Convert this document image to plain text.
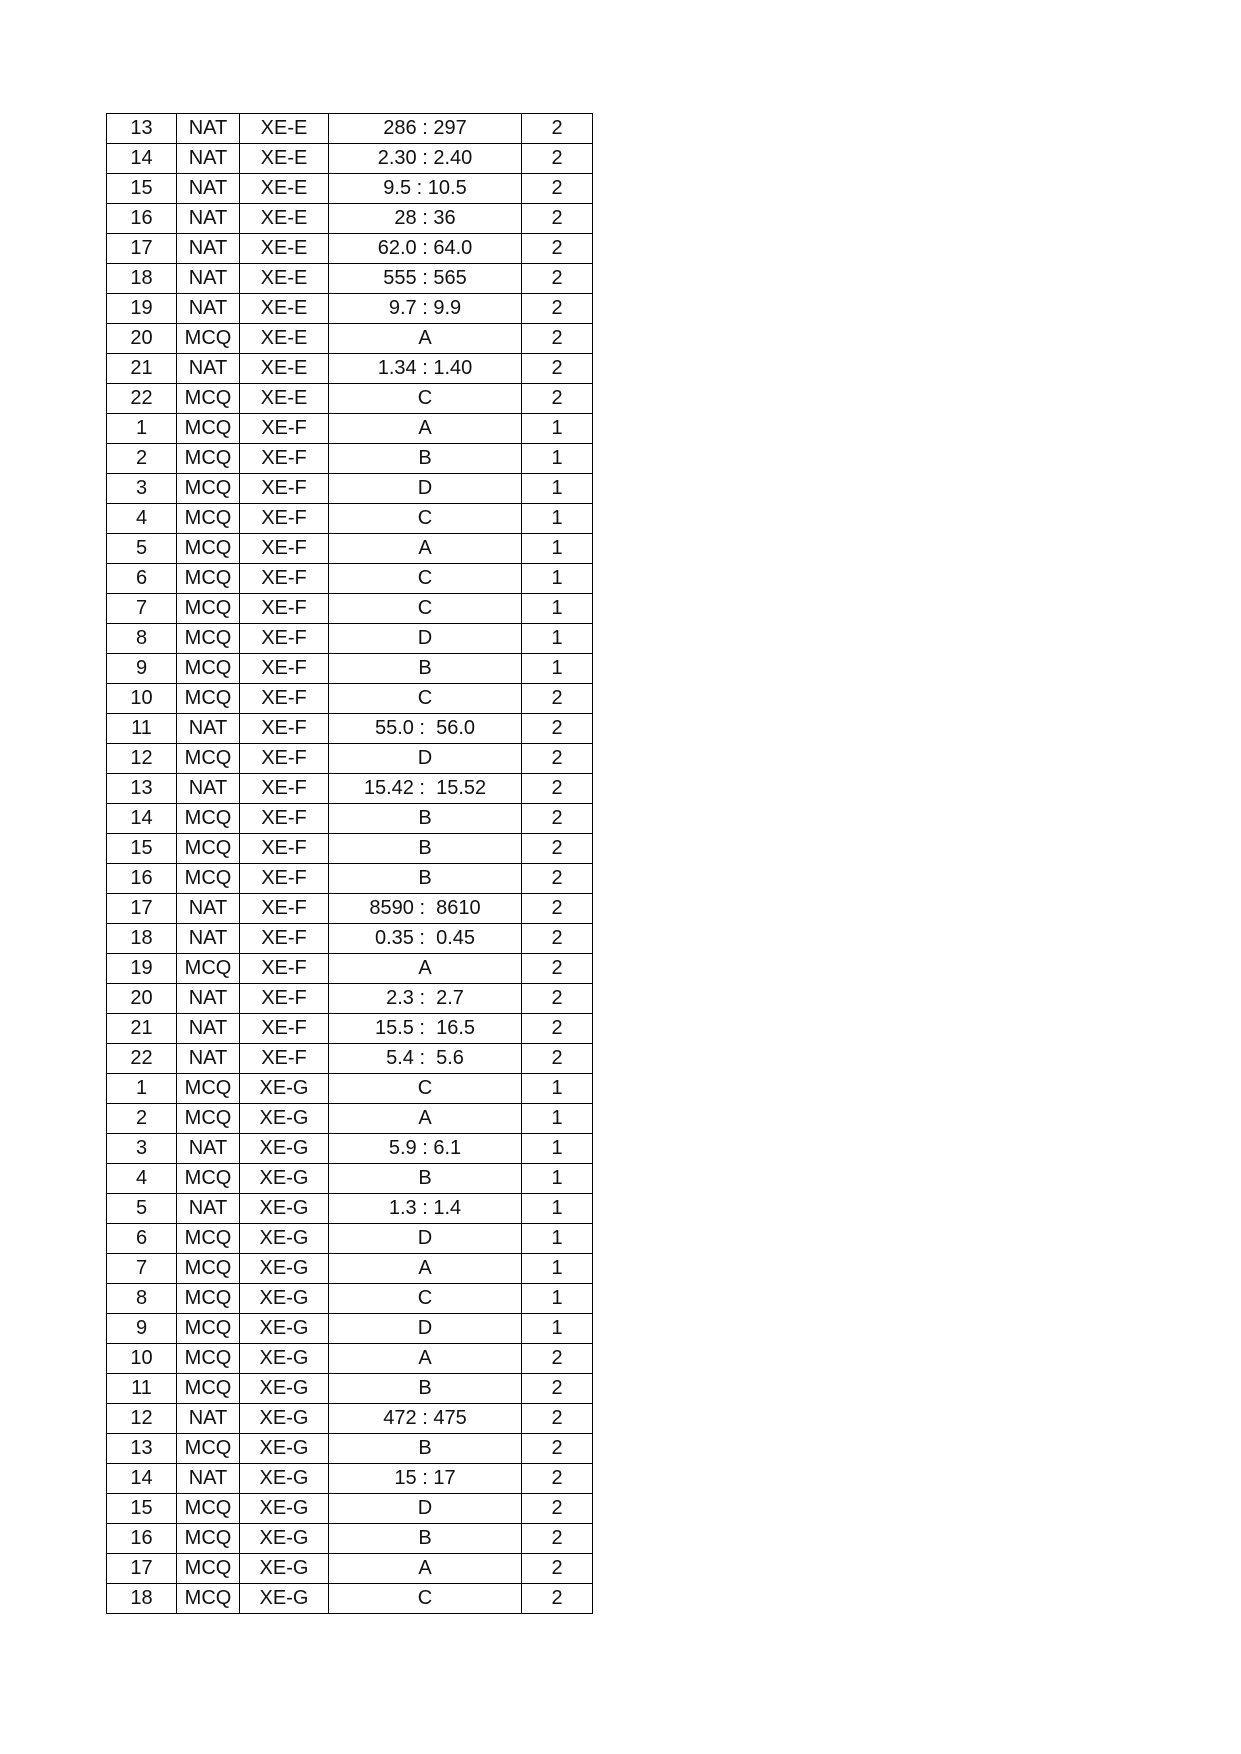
13	NAT	XE-E	286 : 297	2
14	NAT	XE-E	2.30 : 2.40	2
15	NAT	XE-E	9.5 : 10.5	2
16	NAT	XE-E	28 : 36	2
17	NAT	XE-E	62.0 : 64.0	2
18	NAT	XE-E	555 : 565	2
19	NAT	XE-E	9.7 : 9.9	2
20	MCQ	XE-E	A	2
21	NAT	XE-E	1.34 : 1.40	2
22	MCQ	XE-E	C	2
1	MCQ	XE-F	A	1
2	MCQ	XE-F	B	1
3	MCQ	XE-F	D	1
4	MCQ	XE-F	C	1
5	MCQ	XE-F	A	1
6	MCQ	XE-F	C	1
7	MCQ	XE-F	C	1
8	MCQ	XE-F	D	1
9	MCQ	XE-F	B	1
10	MCQ	XE-F	C	2
11	NAT	XE-F	55.0 :  56.0	2
12	MCQ	XE-F	D	2
13	NAT	XE-F	15.42 :  15.52	2
14	MCQ	XE-F	B	2
15	MCQ	XE-F	B	2
16	MCQ	XE-F	B	2
17	NAT	XE-F	8590 :  8610	2
18	NAT	XE-F	0.35 :  0.45	2
19	MCQ	XE-F	A	2
20	NAT	XE-F	2.3 :  2.7	2
21	NAT	XE-F	15.5 :  16.5	2
22	NAT	XE-F	5.4 :  5.6	2
1	MCQ	XE-G	C	1
2	MCQ	XE-G	A	1
3	NAT	XE-G	5.9 : 6.1	1
4	MCQ	XE-G	B	1
5	NAT	XE-G	1.3 : 1.4	1
6	MCQ	XE-G	D	1
7	MCQ	XE-G	A	1
8	MCQ	XE-G	C	1
9	MCQ	XE-G	D	1
10	MCQ	XE-G	A	2
11	MCQ	XE-G	B	2
12	NAT	XE-G	472 : 475	2
13	MCQ	XE-G	B	2
14	NAT	XE-G	15 : 17	2
15	MCQ	XE-G	D	2
16	MCQ	XE-G	B	2
17	MCQ	XE-G	A	2
18	MCQ	XE-G	C	2
